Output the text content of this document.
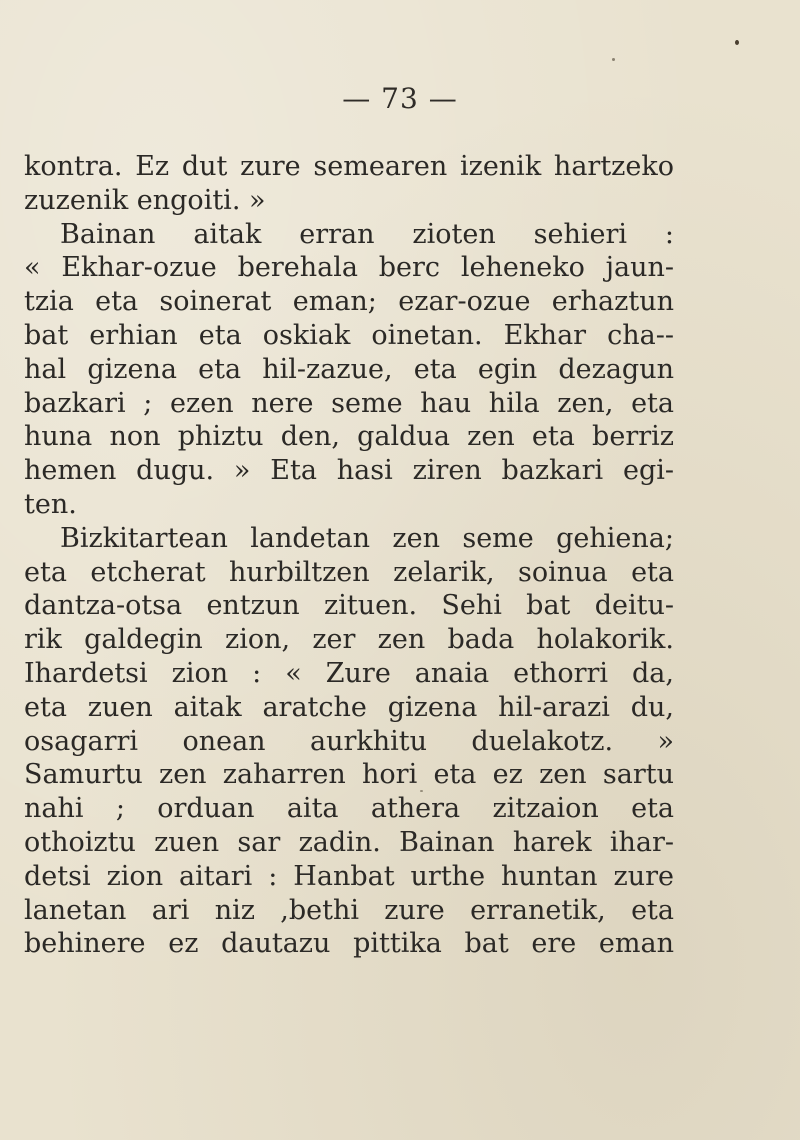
— 73 —
kontra. Ez dut zure semearen izenik hartzeko
zuzenik engoiti. »
Bainan aitak erran zioten sehieri :
« Ekhar-ozue berehala berc leheneko jaun-
tzia eta soinerat eman; ezar-ozue erhaztun
bat erhian eta oskiak oinetan. Ekhar cha--
hal gizena eta hil-zazue, eta egin dezagun
bazkari ; ezen nere seme hau hila zen, eta
huna non phiztu den, galdua zen eta berriz
hemen dugu. » Eta hasi ziren bazkari egi-
ten.
Bizkitartean landetan zen seme gehiena;
eta etcherat hurbiltzen zelarik, soinua eta
dantza-otsa entzun zituen. Sehi bat deitu-
rik galdegin zion, zer zen bada holakorik.
Ihardetsi zion : « Zure anaia ethorri da,
eta zuen aitak aratche gizena hil-arazi du,
osagarri onean aurkhitu duelakotz. »
Samurtu zen zaharren hori eta ez zen sartu
nahi ; orduan aita athera zitzaion eta
othoiztu zuen sar zadin. Bainan harek ihar-
detsi zion aitari : Hanbat urthe huntan zure
lanetan ari niz ,bethi zure erranetik, eta
behinere ez dautazu pittika bat ere eman
